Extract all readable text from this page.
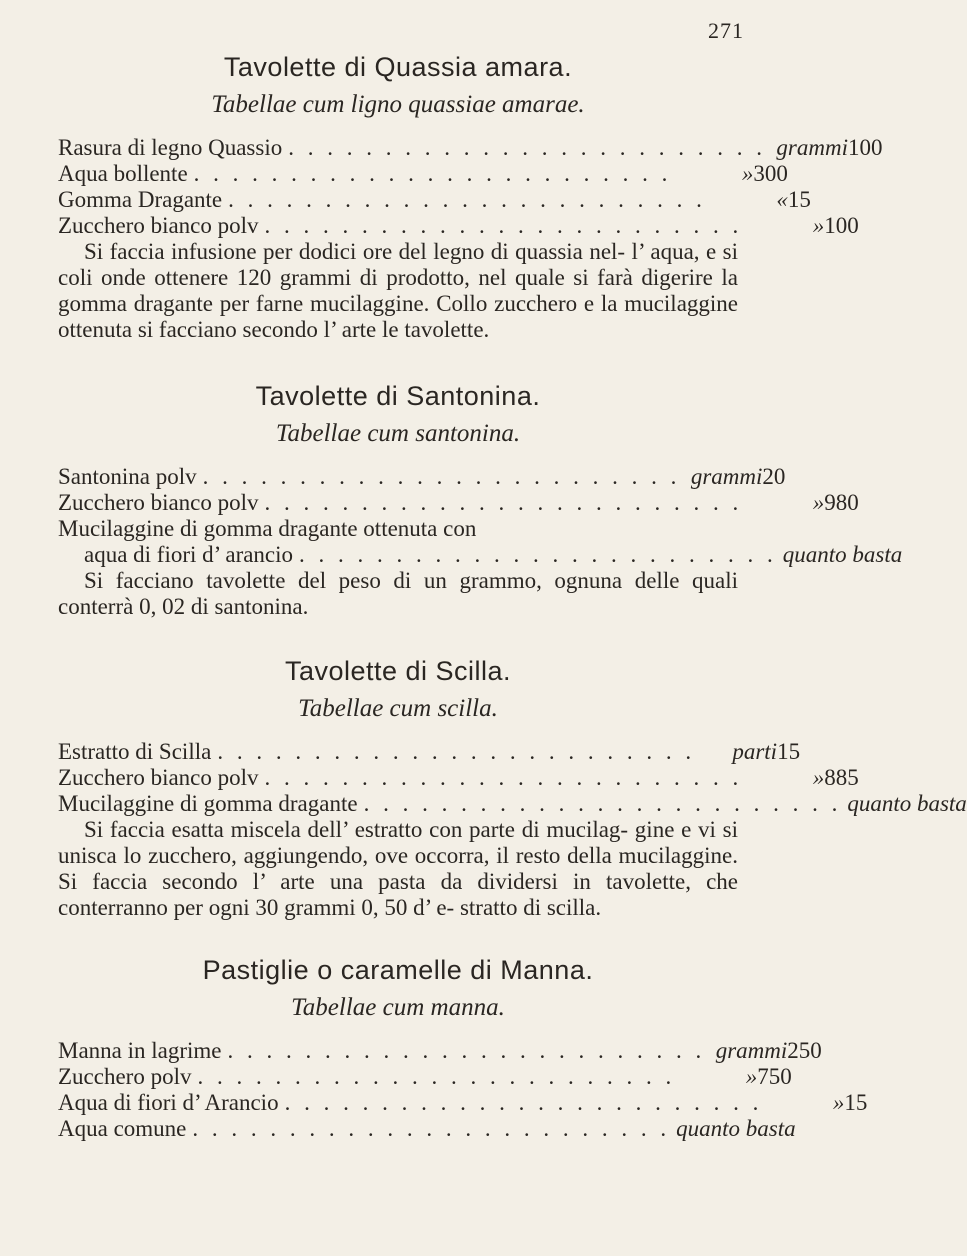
271
Tavolette di Quassia amara.
Tabellae cum ligno quassiae amarae.
Rasura di legno Quassio . . . . . . . . . . . . . . . . . . . . . . . . . grammi 100
Aqua bollente . . . . . . . . . . . . . . . . . . . . . . . . .	» 300
Gomma Dragante . . . . . . . . . . . . . . . . . . . . . . . . .	« 15
Zucchero bianco polv . . . . . . . . . . . . . . . . . . . . . . . . .	» 100

Si faccia infusione per dodici ore del legno di quassia nel- l’ aqua, e si coli onde ottenere 120 grammi di prodotto, nel quale si farà digerire la gomma dragante per farne mucilaggine. Collo zucchero e la mucilaggine ottenuta si facciano secondo l’ arte le tavolette.

Tavolette di Santonina.
Tabellae cum santonina.
Santonina polv . . . . . . . . . . . . . . . . . . . . . . . . . grammi 20
Zucchero bianco polv . . . . . . . . . . . . . . . . . . . . . . . . .	» 980
Mucilaggine di gomma dragante ottenuta con
aqua di fiori d’ arancio . . . . . . . . . . . . . . . . . . . . . . . . . quanto basta

Si facciano tavolette del peso di un grammo, ognuna delle quali conterrà 0, 02 di santonina.

Tavolette di Scilla.
Tabellae cum scilla.
Estratto di Scilla . . . . . . . . . . . . . . . . . . . . . . . . .	parti 15
Zucchero bianco polv . . . . . . . . . . . . . . . . . . . . . . . . .	» 885
Mucilaggine di gomma dragante . . . . . . . . . . . . . . . . . . . . . . . . . quanto basta

Si faccia esatta miscela dell’ estratto con parte di mucilag- gine e vi si unisca lo zucchero, aggiungendo, ove occorra, il resto della mucilaggine. Si faccia secondo l’ arte una pasta da dividersi in tavolette, che conterranno per ogni 30 grammi 0, 50 d’ e- stratto di scilla.

Pastiglie o caramelle di Manna.
Tabellae cum manna.
Manna in lagrime . . . . . . . . . . . . . . . . . . . . . . . . . grammi 250
Zucchero polv . . . . . . . . . . . . . . . . . . . . . . . . .	» 750
Aqua di fiori d’ Arancio . . . . . . . . . . . . . . . . . . . . . . . . .	» 15
Aqua comune . . . . . . . . . . . . . . . . . . . . . . . . . quanto basta
